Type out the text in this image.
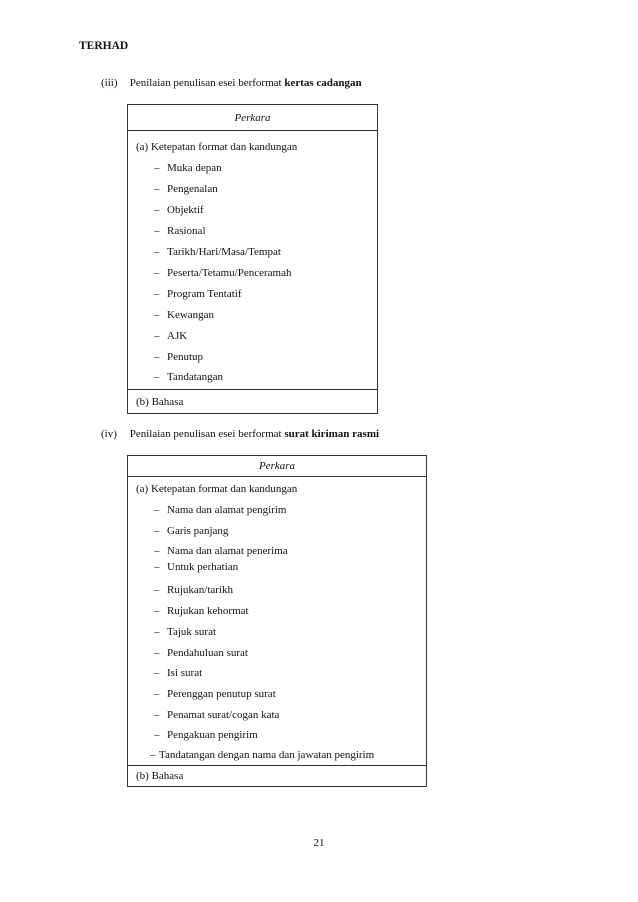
TERHAD
(iii) Penilaian penulisan esei berformat kertas cadangan
Perkara
(a) Ketepatan format dan kandungan
– Muka depan
– Pengenalan
– Objektif
– Rasional
– Tarikh/Hari/Masa/Tempat
– Peserta/Tetamu/Penceramah
– Program Tentatif
– Kewangan
– AJK
– Penutup
– Tandatangan
(b) Bahasa
(iv) Penilaian penulisan esei berformat surat kiriman rasmi
Perkara
(a) Ketepatan format dan kandungan
– Nama dan alamat pengirim
– Garis panjang
– Nama dan alamat penerima
– Untuk perhatian
– Rujukan/tarikh
– Rujukan kehormat
– Tajuk surat
– Pendahuluan surat
– Isi surat
– Perenggan penutup surat
– Penamat surat/cogan kata
– Pengakuan pengirim
– Tandatangan dengan nama dan jawatan pengirim
(b) Bahasa
21
